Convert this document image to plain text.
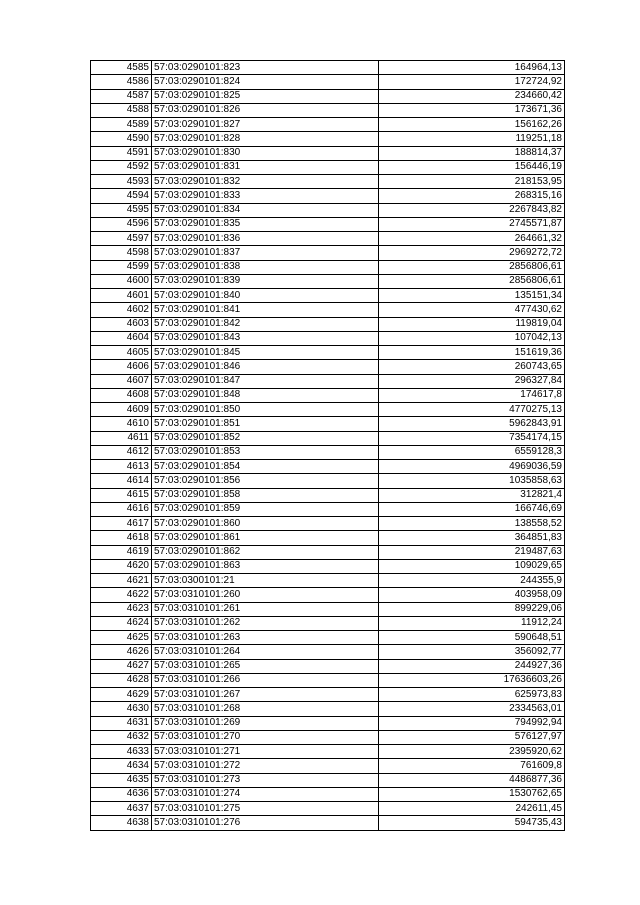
4585	57:03:0290101:823	164964,13
4586	57:03:0290101:824	172724,92
4587	57:03:0290101:825	234660,42
4588	57:03:0290101:826	173671,36
4589	57:03:0290101:827	156162,26
4590	57:03:0290101:828	119251,18
4591	57:03:0290101:830	188814,37
4592	57:03:0290101:831	156446,19
4593	57:03:0290101:832	218153,95
4594	57:03:0290101:833	268315,16
4595	57:03:0290101:834	2267843,82
4596	57:03:0290101:835	2745571,87
4597	57:03:0290101:836	264661,32
4598	57:03:0290101:837	2969272,72
4599	57:03:0290101:838	2856806,61
4600	57:03:0290101:839	2856806,61
4601	57:03:0290101:840	135151,34
4602	57:03:0290101:841	477430,62
4603	57:03:0290101:842	119819,04
4604	57:03:0290101:843	107042,13
4605	57:03:0290101:845	151619,36
4606	57:03:0290101:846	260743,65
4607	57:03:0290101:847	296327,84
4608	57:03:0290101:848	174617,8
4609	57:03:0290101:850	4770275,13
4610	57:03:0290101:851	5962843,91
4611	57:03:0290101:852	7354174,15
4612	57:03:0290101:853	6559128,3
4613	57:03:0290101:854	4969036,59
4614	57:03:0290101:856	1035858,63
4615	57:03:0290101:858	312821,4
4616	57:03:0290101:859	166746,69
4617	57:03:0290101:860	138558,52
4618	57:03:0290101:861	364851,83
4619	57:03:0290101:862	219487,63
4620	57:03:0290101:863	109029,65
4621	57:03:0300101:21	244355,9
4622	57:03:0310101:260	403958,09
4623	57:03:0310101:261	899229,06
4624	57:03:0310101:262	11912,24
4625	57:03:0310101:263	590648,51
4626	57:03:0310101:264	356092,77
4627	57:03:0310101:265	244927,36
4628	57:03:0310101:266	17636603,26
4629	57:03:0310101:267	625973,83
4630	57:03:0310101:268	2334563,01
4631	57:03:0310101:269	794992,94
4632	57:03:0310101:270	576127,97
4633	57:03:0310101:271	2395920,62
4634	57:03:0310101:272	761609,8
4635	57:03:0310101:273	4486877,36
4636	57:03:0310101:274	1530762,65
4637	57:03:0310101:275	242611,45
4638	57:03:0310101:276	594735,43
